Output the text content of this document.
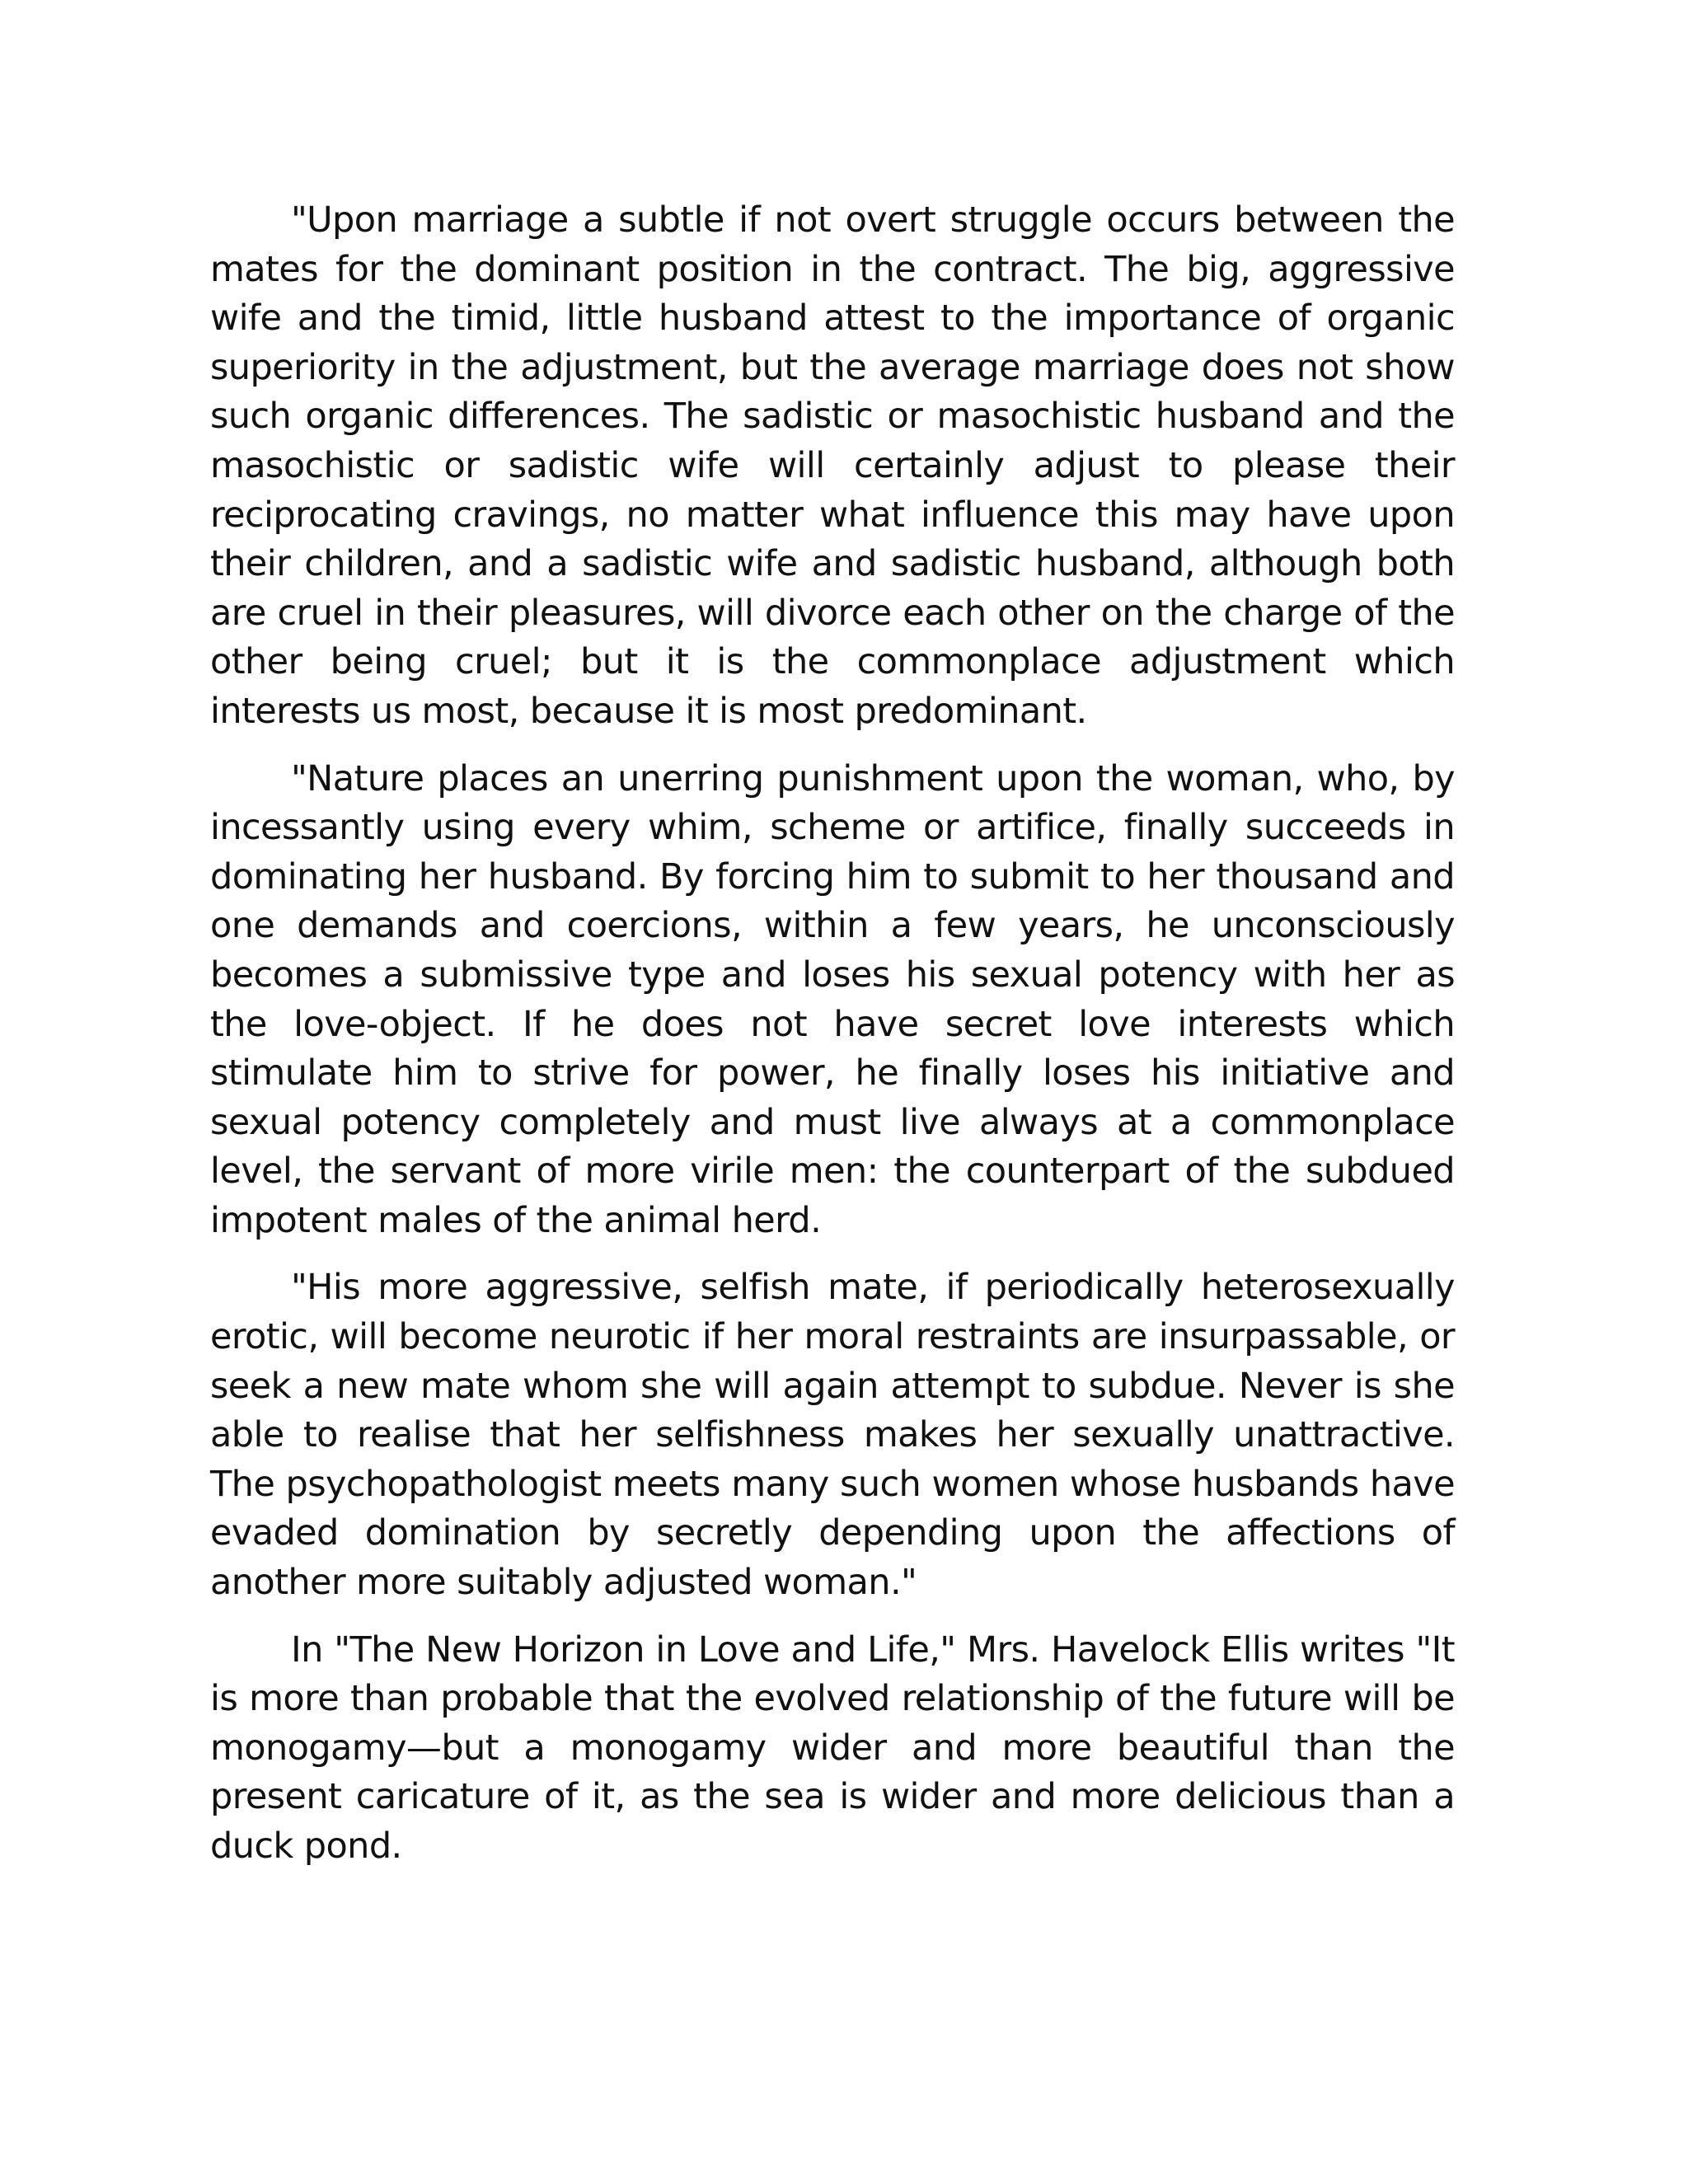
"Upon marriage a subtle if not overt struggle occurs between the mates for the dominant position in the contract. The big, aggressive wife and the timid, little husband attest to the importance of organic superiority in the adjustment, but the average marriage does not show such organic differences. The sadistic or masochistic husband and the masochistic or sadistic wife will certainly adjust to please their reciprocating cravings, no matter what influence this may have upon their children, and a sadistic wife and sadistic husband, although both are cruel in their pleasures, will divorce each other on the charge of the other being cruel; but it is the commonplace adjustment which interests us most, because it is most predominant.

"Nature places an unerring punishment upon the woman, who, by incessantly using every whim, scheme or artifice, finally succeeds in dominating her husband. By forcing him to submit to her thousand and one demands and coercions, within a few years, he unconsciously becomes a submissive type and loses his sexual potency with her as the love-object. If he does not have secret love interests which stimulate him to strive for power, he finally loses his initiative and sexual potency completely and must live always at a commonplace level, the servant of more virile men: the counterpart of the subdued impotent males of the animal herd.

"His more aggressive, selfish mate, if periodically heterosexually erotic, will become neurotic if her moral restraints are insurpassable, or seek a new mate whom she will again attempt to subdue. Never is she able to realise that her selfishness makes her sexually unattractive. The psychopathologist meets many such women whose husbands have evaded domination by secretly depending upon the affections of another more suitably adjusted woman."

In "The New Horizon in Love and Life," Mrs. Havelock Ellis writes "It is more than probable that the evolved relationship of the future will be monogamy—but a monogamy wider and more beautiful than the present caricature of it, as the sea is wider and more delicious than a duck pond.
